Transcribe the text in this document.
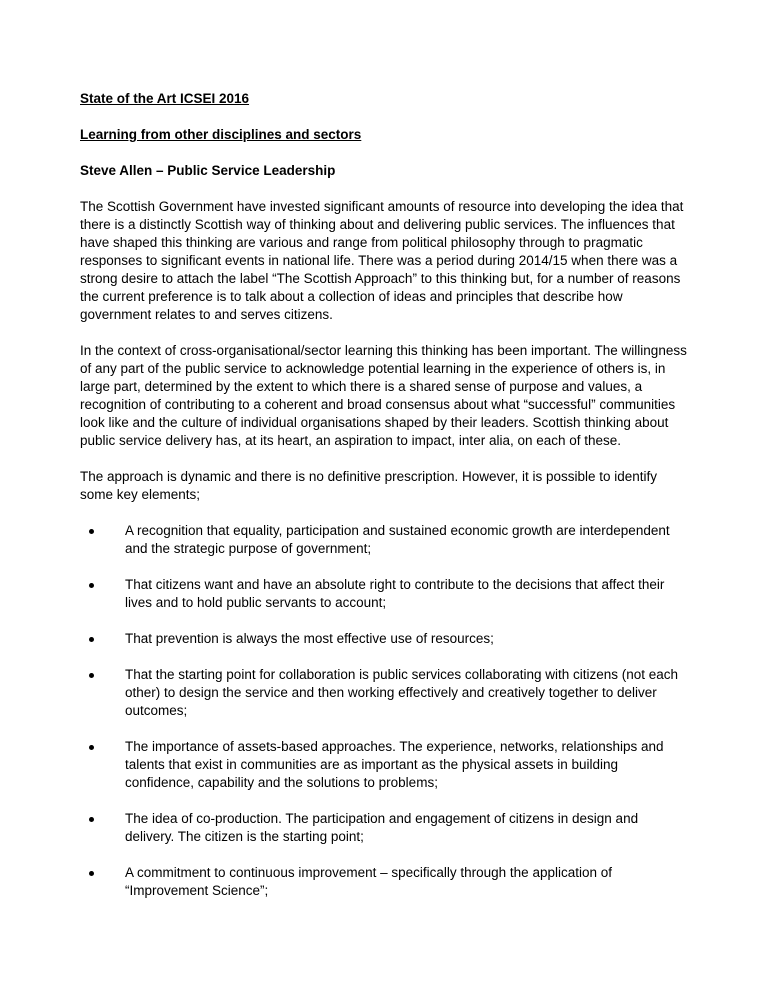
State of the Art ICSEI 2016
Learning from other disciplines and sectors
Steve Allen – Public Service Leadership

The Scottish Government have invested significant amounts of resource into developing the idea that there is a distinctly Scottish way of thinking about and delivering public services. The influences that have shaped this thinking are various and range from political philosophy through to pragmatic responses to significant events in national life. There was a period during 2014/15 when there was a strong desire to attach the label “The Scottish Approach” to this thinking but, for a number of reasons the current preference is to talk about a collection of ideas and principles that describe how government relates to and serves citizens.

In the context of cross-organisational/sector learning this thinking has been important. The willingness of any part of the public service to acknowledge potential learning in the experience of others is, in large part, determined by the extent to which there is a shared sense of purpose and values, a recognition of contributing to a coherent and broad consensus about what “successful” communities look like and the culture of individual organisations shaped by their leaders. Scottish thinking about public service delivery has, at its heart, an aspiration to impact, inter alia, on each of these.

The approach is dynamic and there is no definitive prescription. However, it is possible to identify some key elements;

A recognition that equality, participation and sustained economic growth are interdependent and the strategic purpose of government;
That citizens want and have an absolute right to contribute to the decisions that affect their lives and to hold public servants to account;
That prevention is always the most effective use of resources;
That the starting point for collaboration is public services collaborating with citizens (not each other) to design the service and then working effectively and creatively together to deliver outcomes;
The importance of assets-based approaches. The experience, networks, relationships and talents that exist in communities are as important as the physical assets in building confidence, capability and the solutions to problems;
The idea of co-production. The participation and engagement of citizens in design and delivery. The citizen is the starting point;
A commitment to continuous improvement – specifically through the application of “Improvement Science”;
